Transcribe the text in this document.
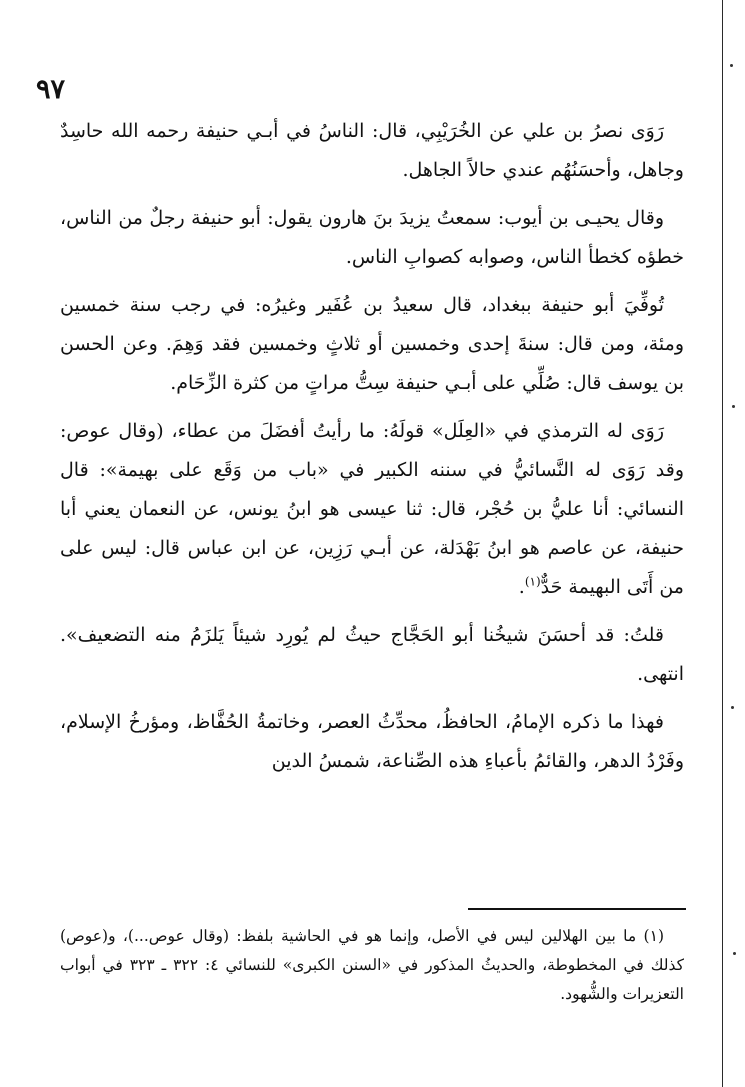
٩٧

رَوَى نصرُ بن علي عن الخُرَيْبِي، قال: الناسُ في أبـي حنيفة رحمه الله حاسِدٌ وجاهل، وأحسَنُهُم عندي حالاً الجاهل.

وقال يحيـى بن أيوب: سمعتُ يزيدَ بنَ هارون يقول: أبو حنيفة رجلٌ من الناس، خطؤه كخطأ الناس، وصوابه كصوابِ الناس.

تُوفِّيَ أبو حنيفة ببغداد، قال سعيدُ بن عُفَير وغيرُه: في رجب سنة خمسين ومئة، ومن قال: سنةَ إحدى وخمسين أو ثلاثٍ وخمسين فقد وَهِمَ. وعن الحسن بن يوسف قال: صُلِّي على أبـي حنيفة سِتُّ مراتٍ من كثرة الزِّحَام.

رَوَى له الترمذي في «العِلَل» قولَهُ: ما رأيتُ أفضَلَ من عطاء، (وقال عوص: وقد رَوَى له النَّسائيُّ في سننه الكبير في «باب من وَقَع على بهيمة»: قال النسائي: أنا عليُّ بن حُجْر، قال: ثنا عيسى هو ابنُ يونس، عن النعمان يعني أبا حنيفة، عن عاصم هو ابنُ بَهْدَلة، عن أبـي رَزِين، عن ابن عباس قال: ليس على من أَتَى البهيمة حَدٌّ$^{(١)}$.

قلتُ: قد أحسَنَ شيخُنا أبو الحَجَّاج حيثُ لم يُورِد شيئاً يَلزَمُ منه التضعيف». انتهى.

فهذا ما ذكره الإمامُ، الحافظُ، محدِّثُ العصر، وخاتمةُ الحُفَّاظ، ومؤرخُ الإسلام، وفَرْدُ الدهر، والقائمُ بأعباءِ هذه الصِّناعة، شمسُ الدين

(١) ما بين الهلالين ليس في الأصل، وإنما هو في الحاشية بلفظ: (وقال عوص...)، و(عوص) كذلك في المخطوطة، والحديثُ المذكور في «السنن الكبرى» للنسائي ٤: ٣٢٢ ـ ٣٢٣ في أبواب التعزيرات والشُّهود.
